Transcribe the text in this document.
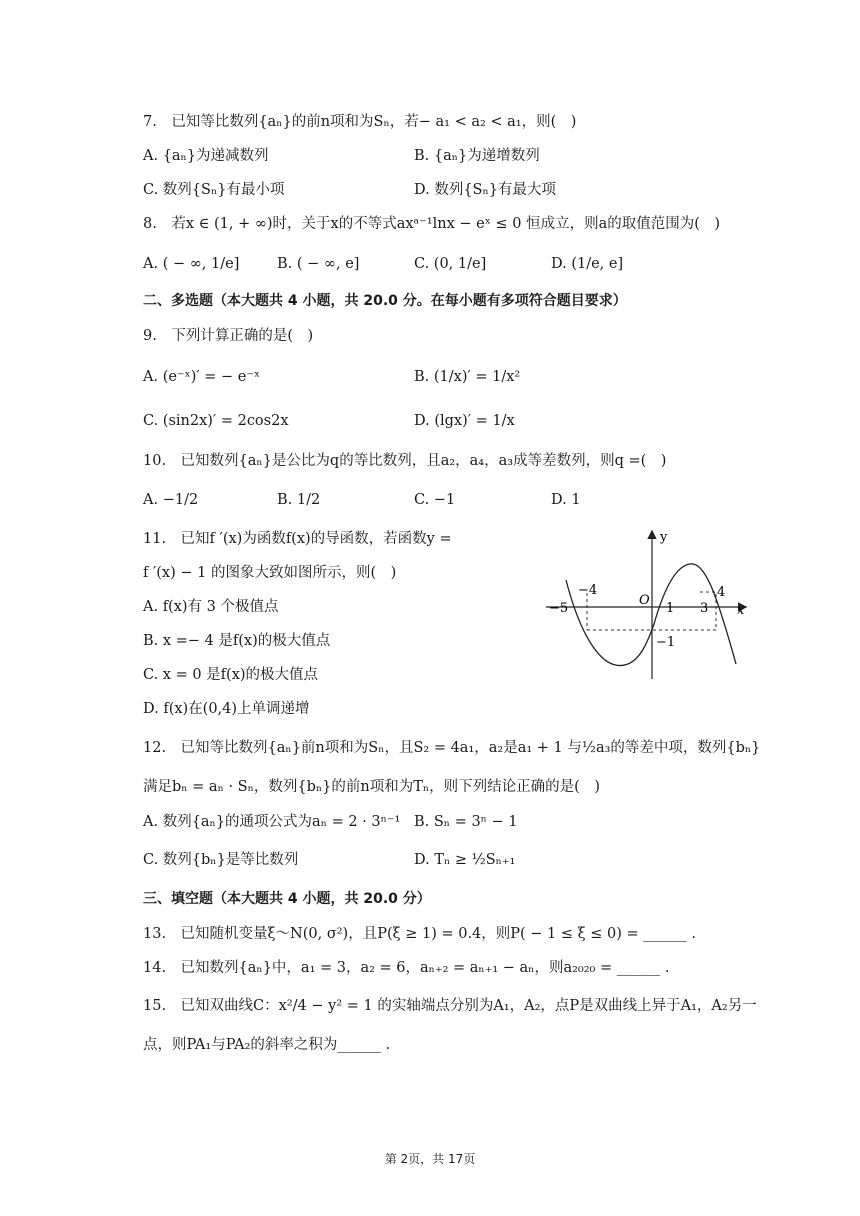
7.　已知等比数列{aₙ}的前n项和为Sₙ，若− a₁ < a₂ < a₁，则(　)
A. {aₙ}为递减数列	B. {aₙ}为递增数列
C. 数列{Sₙ}有最小项	D. 数列{Sₙ}有最大项
8.　若x ∈ (1, + ∞)时，关于x的不等式axᵃ⁻¹lnx − eˣ ≤ 0 恒成立，则a的取值范围为(　)
A. ( − ∞, 1/e]	B. ( − ∞, e]	C. (0, 1/e]	D. (1/e, e]
二、多选题（本大题共 4 小题，共 20.0 分。在每小题有多项符合题目要求）
9.　下列计算正确的是(　)
A. (e⁻ˣ)′ = − e⁻ˣ	B. (1/x)′ = 1/x²
C. (sin2x)′ = 2cos2x	D. (lgx)′ = 1/x
10.　已知数列{aₙ}是公比为q的等比数列，且a₂，a₄，a₃成等差数列，则q =(　)
A. −1/2	B. 1/2	C. −1	D. 1
11.　已知f ′(x)为函数f(x)的导函数，若函数y =
f ′(x) − 1 的图象大致如图所示，则(　)
A. f(x)有 3 个极值点
B. x =− 4 是f(x)的极大值点
C. x = 0 是f(x)的极大值点
D. f(x)在(0,4)上单调递增
y
x
O
−4
−5	1 3
4
−1
12.　已知等比数列{aₙ}前n项和为Sₙ，且S₂ = 4a₁，a₂是a₁ + 1 与½a₃的等差中项，数列{bₙ}
满足bₙ = aₙ · Sₙ，数列{bₙ}的前n项和为Tₙ，则下列结论正确的是(　)
A. 数列{aₙ}的通项公式为aₙ = 2 · 3ⁿ⁻¹ B. Sₙ = 3ⁿ − 1
C. 数列{bₙ}是等比数列	D. Tₙ ≥ ½Sₙ₊₁
三、填空题（本大题共 4 小题，共 20.0 分）
13.　已知随机变量ξ～N(0, σ²)，且P(ξ ≥ 1) = 0.4，则P( − 1 ≤ ξ ≤ 0) = ______ .
14.　已知数列{aₙ}中，a₁ = 3，a₂ = 6，aₙ₊₂ = aₙ₊₁ − aₙ，则a₂₀₂₀ = ______ .
15.　已知双曲线C：x²/4 − y² = 1 的实轴端点分别为A₁，A₂，点P是双曲线上异于A₁，A₂另一
点，则PA₁与PA₂的斜率之积为______ .
第 2页，共 17页
